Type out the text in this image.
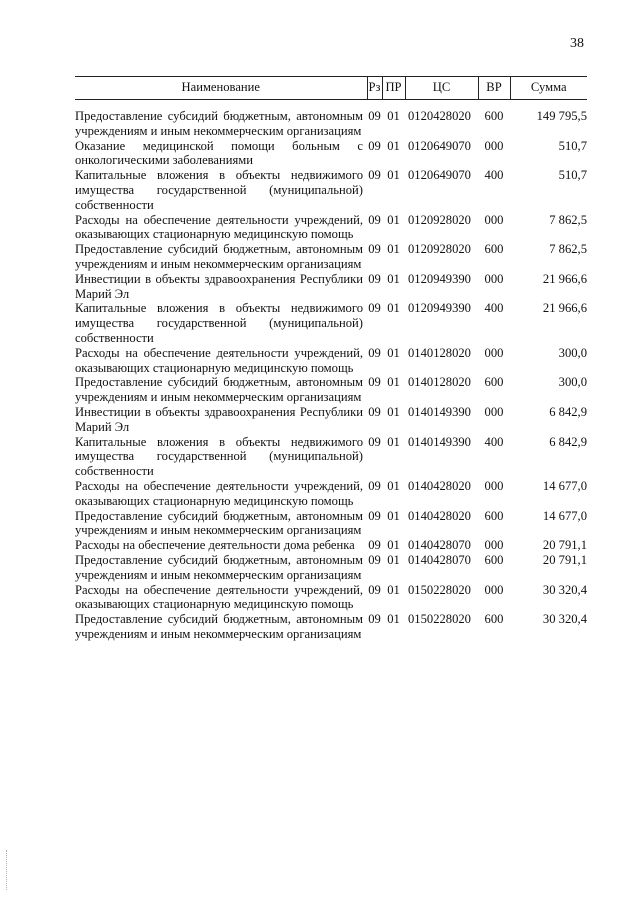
38
Наименование	Рз	ПР	ЦС	ВР	Сумма

Предоставление субсидий бюджетным, автономным учреждениям и иным некоммерческим организациям	09	01	0120428020	600	149 795,5
Оказание медицинской помощи больным с онкологическими заболеваниями	09	01	0120649070	000	510,7
Капитальные вложения в объекты недвижимого имущества государственной (муниципальной) собственности	09	01	0120649070	400	510,7
Расходы на обеспечение деятельности учреждений, оказывающих стационарную медицинскую помощь	09	01	0120928020	000	7 862,5
Предоставление субсидий бюджетным, автономным учреждениям и иным некоммерческим организациям	09	01	0120928020	600	7 862,5
Инвестиции в объекты здравоохранения Республики Марий Эл	09	01	0120949390	000	21 966,6
Капитальные вложения в объекты недвижимого имущества государственной (муниципальной) собственности	09	01	0120949390	400	21 966,6
Расходы на обеспечение деятельности учреждений, оказывающих стационарную медицинскую помощь	09	01	0140128020	000	300,0
Предоставление субсидий бюджетным, автономным учреждениям и иным некоммерческим организациям	09	01	0140128020	600	300,0
Инвестиции в объекты здравоохранения Республики Марий Эл	09	01	0140149390	000	6 842,9
Капитальные вложения в объекты недвижимого имущества государственной (муниципальной) собственности	09	01	0140149390	400	6 842,9
Расходы на обеспечение деятельности учреждений, оказывающих стационарную медицинскую помощь	09	01	0140428020	000	14 677,0
Предоставление субсидий бюджетным, автономным учреждениям и иным некоммерческим организациям	09	01	0140428020	600	14 677,0
Расходы на обеспечение деятельности дома ребенка	09	01	0140428070	000	20 791,1
Предоставление субсидий бюджетным, автономным учреждениям и иным некоммерческим организациям	09	01	0140428070	600	20 791,1
Расходы на обеспечение деятельности учреждений, оказывающих стационарную медицинскую помощь	09	01	0150228020	000	30 320,4
Предоставление субсидий бюджетным, автономным учреждениям и иным некоммерческим организациям	09	01	0150228020	600	30 320,4
